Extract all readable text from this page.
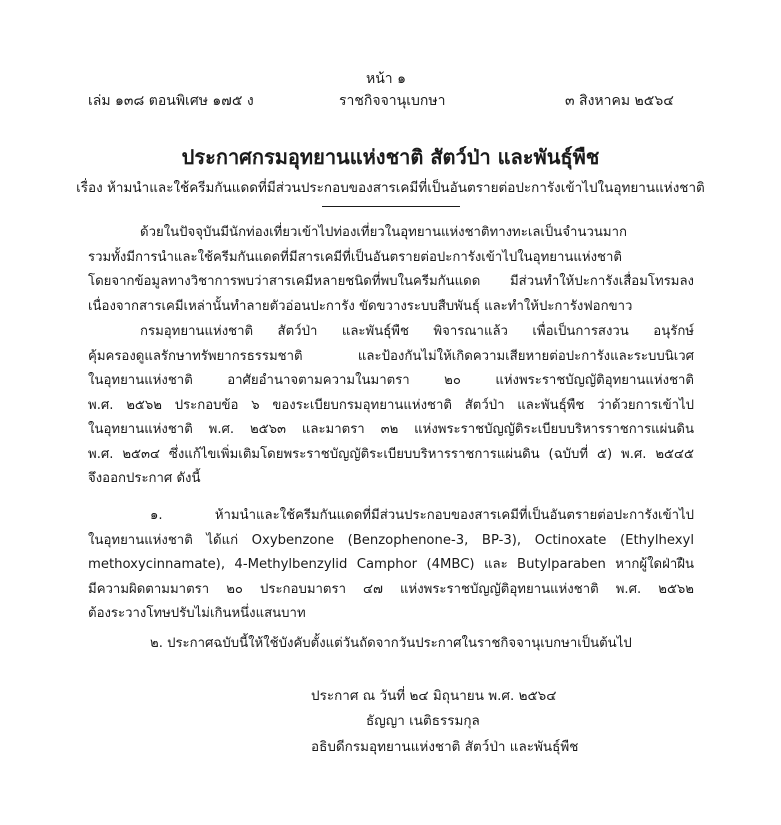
หน้า ๑
เล่ม ๑๓๘ ตอนพิเศษ ๑๗๕ ง	ราชกิจจานุเบกษา	๓ สิงหาคม ๒๕๖๔
ประกาศกรมอุทยานแห่งชาติ สัตว์ป่า และพันธุ์พืช
เรื่อง ห้ามนำและใช้ครีมกันแดดที่มีส่วนประกอบของสารเคมีที่เป็นอันตรายต่อปะการังเข้าไปในอุทยานแห่งชาติ
ด้วยในปัจจุบันมีนักท่องเที่ยวเข้าไปท่องเที่ยวในอุทยานแห่งชาติทางทะเลเป็นจำนวนมาก
รวมทั้งมีการนำและใช้ครีมกันแดดที่มีสารเคมีที่เป็นอันตรายต่อปะการังเข้าไปในอุทยานแห่งชาติ
โดยจากข้อมูลทางวิชาการพบว่าสารเคมีหลายชนิดที่พบในครีมกันแดด มีส่วนทำให้ปะการังเสื่อมโทรมลง
เนื่องจากสารเคมีเหล่านั้นทำลายตัวอ่อนปะการัง ขัดขวางระบบสืบพันธุ์ และทำให้ปะการังฟอกขาว
กรมอุทยานแห่งชาติ สัตว์ป่า และพันธุ์พืช พิจารณาแล้ว เพื่อเป็นการสงวน อนุรักษ์
คุ้มครองดูแลรักษาทรัพยากรธรรมชาติ และป้องกันไม่ให้เกิดความเสียหายต่อปะการังและระบบนิเวศ
ในอุทยานแห่งชาติ อาศัยอำนาจตามความในมาตรา ๒๐ แห่งพระราชบัญญัติอุทยานแห่งชาติ
พ.ศ. ๒๕๖๒ ประกอบข้อ ๖ ของระเบียบกรมอุทยานแห่งชาติ สัตว์ป่า และพันธุ์พืช ว่าด้วยการเข้าไป
ในอุทยานแห่งชาติ พ.ศ. ๒๕๖๓ และมาตรา ๓๒ แห่งพระราชบัญญัติระเบียบบริหารราชการแผ่นดิน
พ.ศ. ๒๕๓๔ ซึ่งแก้ไขเพิ่มเติมโดยพระราชบัญญัติระเบียบบริหารราชการแผ่นดิน (ฉบับที่ ๕) พ.ศ. ๒๕๔๕
จึงออกประกาศ ดังนี้
๑. ห้ามนำและใช้ครีมกันแดดที่มีส่วนประกอบของสารเคมีที่เป็นอันตรายต่อปะการังเข้าไป
ในอุทยานแห่งชาติ ได้แก่ Oxybenzone (Benzophenone-3, BP-3), Octinoxate (Ethylhexyl
methoxycinnamate), 4-Methylbenzylid Camphor (4MBC) และ Butylparaben หากผู้ใดฝ่าฝืน
มีความผิดตามมาตรา ๒๐ ประกอบมาตรา ๔๗ แห่งพระราชบัญญัติอุทยานแห่งชาติ พ.ศ. ๒๕๖๒
ต้องระวางโทษปรับไม่เกินหนึ่งแสนบาท
๒. ประกาศฉบับนี้ให้ใช้บังคับตั้งแต่วันถัดจากวันประกาศในราชกิจจานุเบกษาเป็นต้นไป
ประกาศ ณ วันที่ ๒๔ มิถุนายน พ.ศ. ๒๕๖๔
ธัญญา เนติธรรมกุล
อธิบดีกรมอุทยานแห่งชาติ สัตว์ป่า และพันธุ์พืช
